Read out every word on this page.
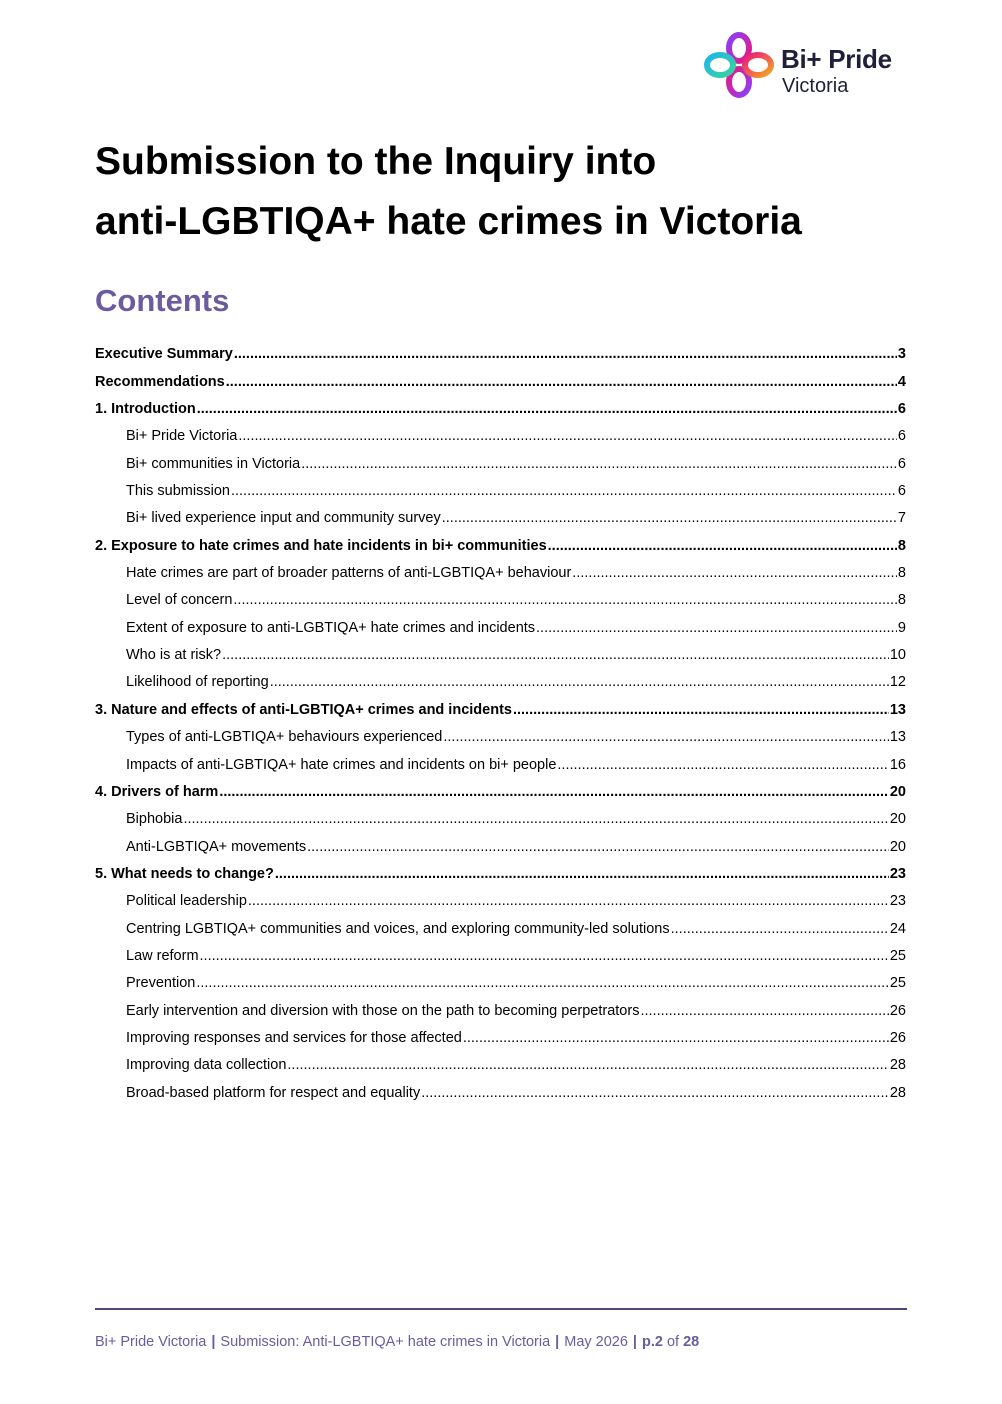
Bi+ Pride
Victoria
Submission to the Inquiry into
anti-LGBTIQA+ hate crimes in Victoria
Contents
Executive Summary .....	3
Recommendations .....	4
1. Introduction .....	6
Bi+ Pride Victoria .....	6
Bi+ communities in Victoria .....	6
This submission .....	6
Bi+ lived experience input and community survey .....	7
2. Exposure to hate crimes and hate incidents in bi+ communities .....	8
Hate crimes are part of broader patterns of anti-LGBTIQA+ behaviour .....	8
Level of concern .....	8
Extent of exposure to anti-LGBTIQA+ hate crimes and incidents .....	9
Who is at risk? .....	10
Likelihood of reporting .....	12
3. Nature and effects of anti-LGBTIQA+ crimes and incidents .....	13
Types of anti-LGBTIQA+ behaviours experienced .....	13
Impacts of anti-LGBTIQA+ hate crimes and incidents on bi+ people .....	16
4. Drivers of harm .....	20
Biphobia .....	20
Anti-LGBTIQA+ movements .....	20
5. What needs to change? .....	23
Political leadership .....	23
Centring LGBTIQA+ communities and voices, and exploring community-led solutions .....	24
Law reform .....	25
Prevention .....	25
Early intervention and diversion with those on the path to becoming perpetrators .....	26
Improving responses and services for those affected .....	26
Improving data collection .....	28
Broad-based platform for respect and equality .....	28
Bi+ Pride Victoria | Submission: Anti-LGBTIQA+ hate crimes in Victoria | May 2026 | p.2 of 28
